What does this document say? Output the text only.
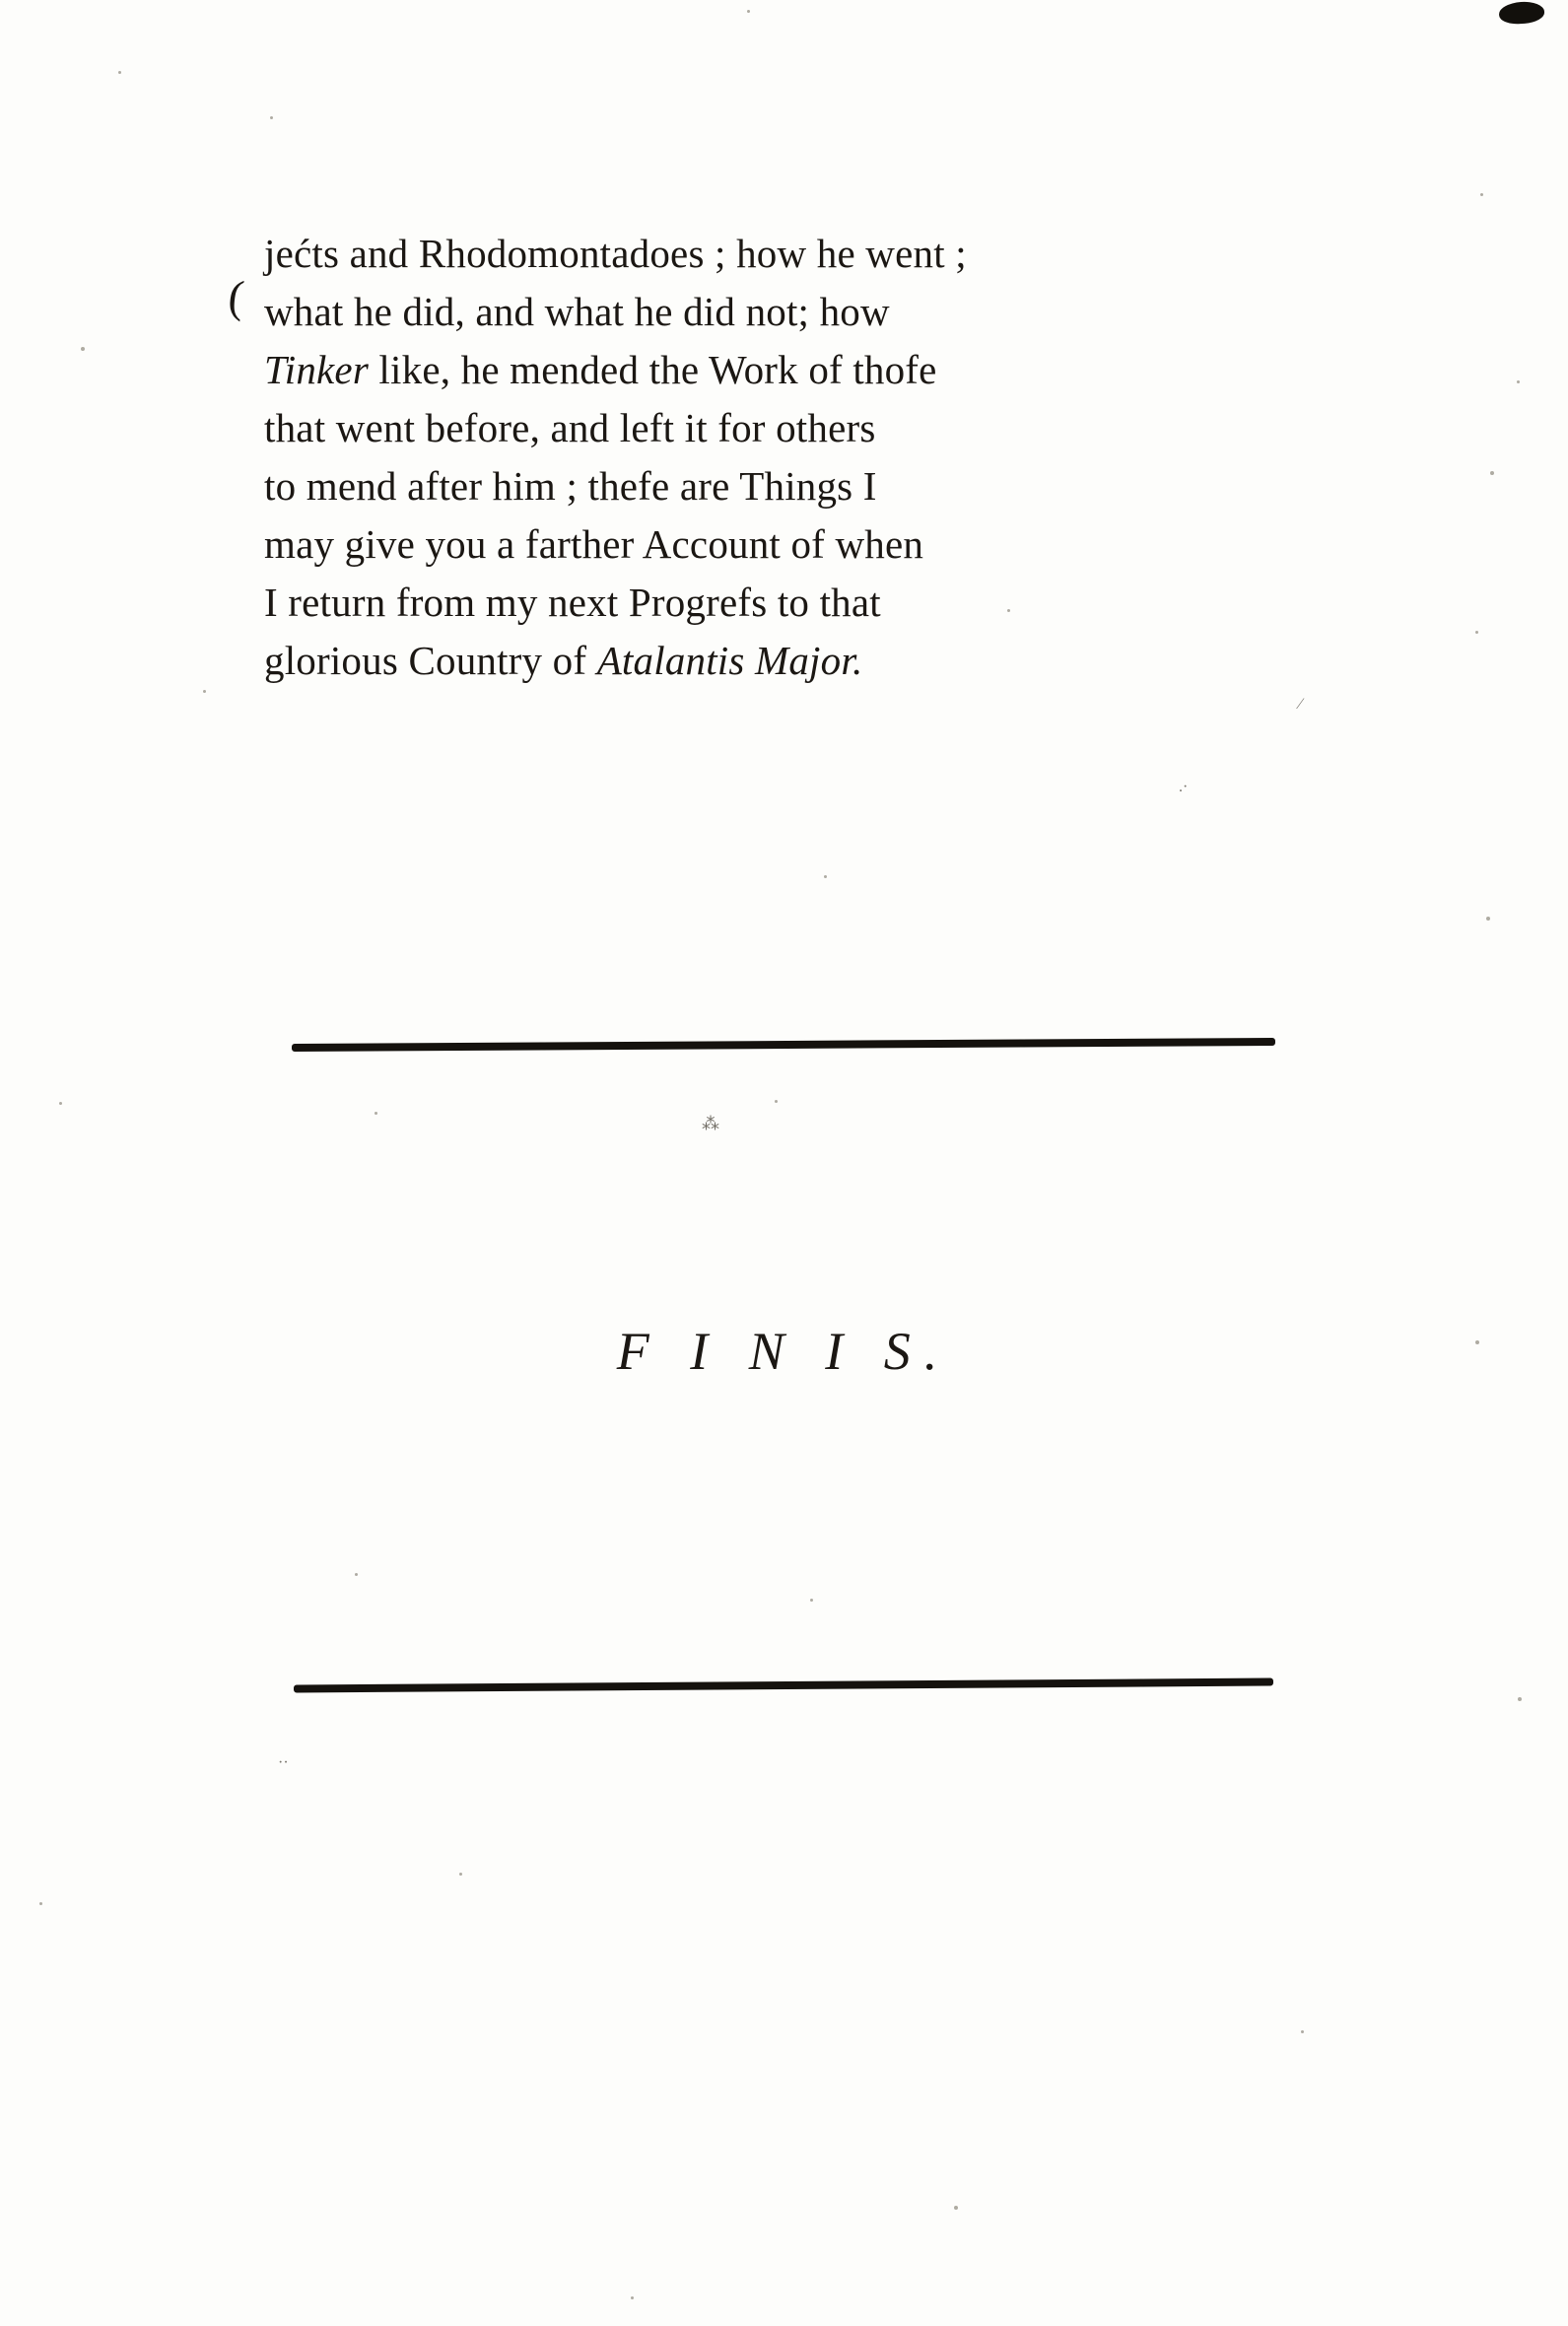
(
jećts and Rhodomontadoes ; how he went ;
what he did, and what he did not; how
Tinker like, he mended the Work of thofe
that went before, and left it for others
to mend after him ; thefe are Things I
may give you a farther Account of when
I return from my next Progrefs to that
glorious Country of Atalantis Major.
⁂
F I N I S.
⁄
.·
··
